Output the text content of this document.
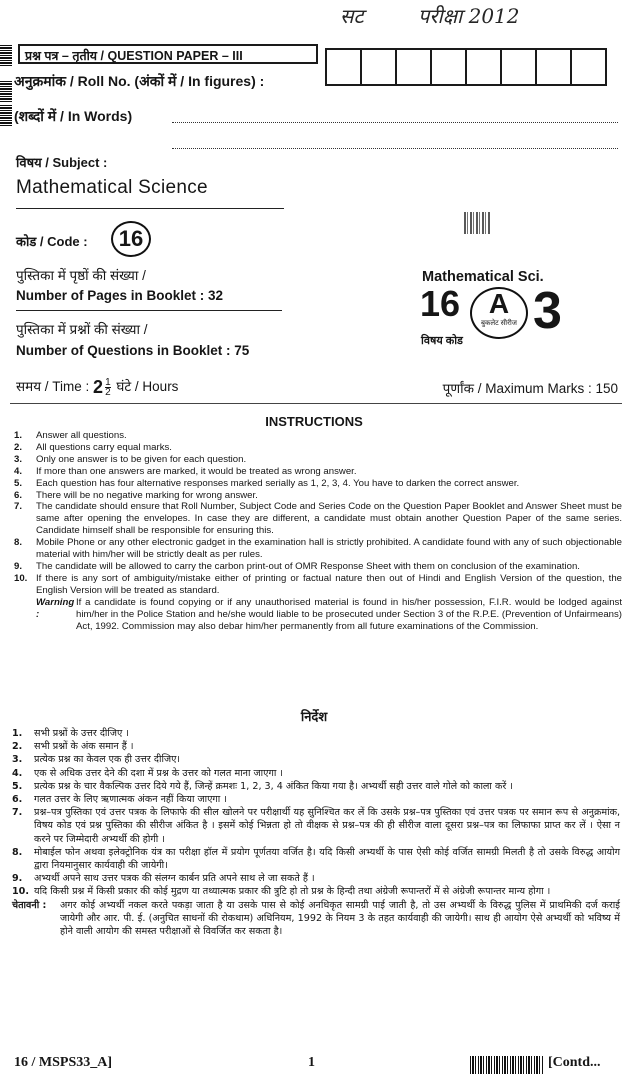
सट	परीक्षा 2012
प्रश्न पत्र – तृतीय / QUESTION PAPER – III
अनुक्रमांक / Roll No. (अंकों में / In figures) :
(शब्दों में / In Words)
विषय / Subject :
Mathematical Science
कोड / Code :	16
पुस्तिका में पृष्ठों की संख्या /
Number of Pages in Booklet : 32
पुस्तिका में प्रश्नों की संख्या /
Number of Questions in Booklet : 75
Mathematical Sci.
16	A
बुकलेट सीरीज 3
विषय कोड
समय / Time : $2 \frac{1}{2}$ घंटे / Hours	पूर्णांक / Maximum Marks : 150
INSTRUCTIONS
1.	Answer all questions.
2.	All questions carry equal marks.
3.	Only one answer is to be given for each question.
4.	If more than one answers are marked, it would be treated as wrong answer.
5.	Each question has four alternative responses marked serially as 1, 2, 3, 4. You have to darken the correct answer.
6.	There will be no negative marking for wrong answer.
7.	The candidate should ensure that Roll Number, Subject Code and Series Code on the Question Paper Booklet and Answer Sheet must be same after opening the envelopes. In case they are different, a candidate must obtain another Question Paper of the same series. Candidate himself shall be responsible for ensuring this.
8.	Mobile Phone or any other electronic gadget in the examination hall is strictly prohibited. A candidate found with any of such objectionable material with him/her will be strictly dealt as per rules.
9.	The candidate will be allowed to carry the carbon print-out of OMR Response Sheet with them on conclusion of the examination.
10. If there is any sort of ambiguity/mistake either of printing or factual nature then out of Hindi and English Version of the question, the English Version will be treated as standard.
Warning :
If a candidate is found copying or if any unauthorised material is found in his/her possession, F.I.R. would be lodged against him/her in the Police Station and he/she would liable to be prosecuted under Section 3 of the R.P.E. (Prevention of Unfairmeans) Act, 1992. Commission may also debar him/her permanently from all future examinations of the Commission.
निर्देश
1.	सभी प्रश्नों के उत्तर दीजिए ।
2.	सभी प्रश्नों के अंक समान हैं ।
3.	प्रत्येक प्रश्न का केवल एक ही उत्तर दीजिए।
4.	एक से अधिक उत्तर देने की दशा में प्रश्न के उत्तर को गलत माना जाएगा ।
5.	प्रत्येक प्रश्न के चार वैकल्पिक उत्तर दिये गये हैं, जिन्हें क्रमशः 1, 2, 3, 4 अंकित किया गया है। अभ्यर्थी सही उत्तर वाले गोले को काला करें ।
6.	गलत उत्तर के लिए ऋणात्मक अंकन नहीं किया जाएगा ।
7.	प्रश्न–पत्र पुस्तिका एवं उत्तर पत्रक के लिफाफे की सील खोलने पर परीक्षार्थी यह सुनिश्चित कर लें कि उसके प्रश्न–पत्र पुस्तिका एवं उत्तर पत्रक पर समान रूप से अनुक्रमांक, विषय कोड एवं प्रश्न पुस्तिका की सीरीज अंकित है । इसमें कोई भिन्नता हो तो वीक्षक से प्रश्न–पत्र की ही सीरीज वाला दूसरा प्रश्न–पत्र का लिफाफा प्राप्त कर लें । ऐसा न करने पर जिम्मेदारी अभ्यर्थी की होगी ।
8.	मोबाईल फोन अथवा इलेक्ट्रोनिक यंत्र का परीक्षा हॉल में प्रयोग पूर्णतया वर्जित है। यदि किसी अभ्यर्थी के पास ऐसी कोई वर्जित सामग्री मिलती है तो उसके विरुद्ध आयोग द्वारा नियमानुसार कार्यवाही की जायेगी।
9.	अभ्यर्थी अपने साथ उत्तर पत्रक की संलग्न कार्बन प्रति अपने साथ ले जा सकते हैं ।
10. यदि किसी प्रश्न में किसी प्रकार की कोई मुद्रण या तथ्यात्मक प्रकार की त्रुटि हो तो प्रश्न के हिन्दी तथा अंग्रेजी रूपान्तरों में से अंग्रेजी रूपान्तर मान्य होगा ।
चेतावनी :	अगर कोई अभ्यर्थी नकल करते पकड़ा जाता है या उसके पास से कोई अनधिकृत सामग्री पाई जाती है, तो उस अभ्यर्थी के विरुद्ध पुलिस में प्राथमिकी दर्ज कराई जायेगी और आर. पी. ई. (अनुचित साधनों की रोकथाम) अधिनियम, 1992 के नियम 3 के तहत कार्यवाही की जायेगी। साथ ही आयोग ऐसे अभ्यर्थी को भविष्य में होने वाली आयोग की समस्त परीक्षाओं से विवर्जित कर सकता है।
16 / MSPS33_A]	1	[Contd...
